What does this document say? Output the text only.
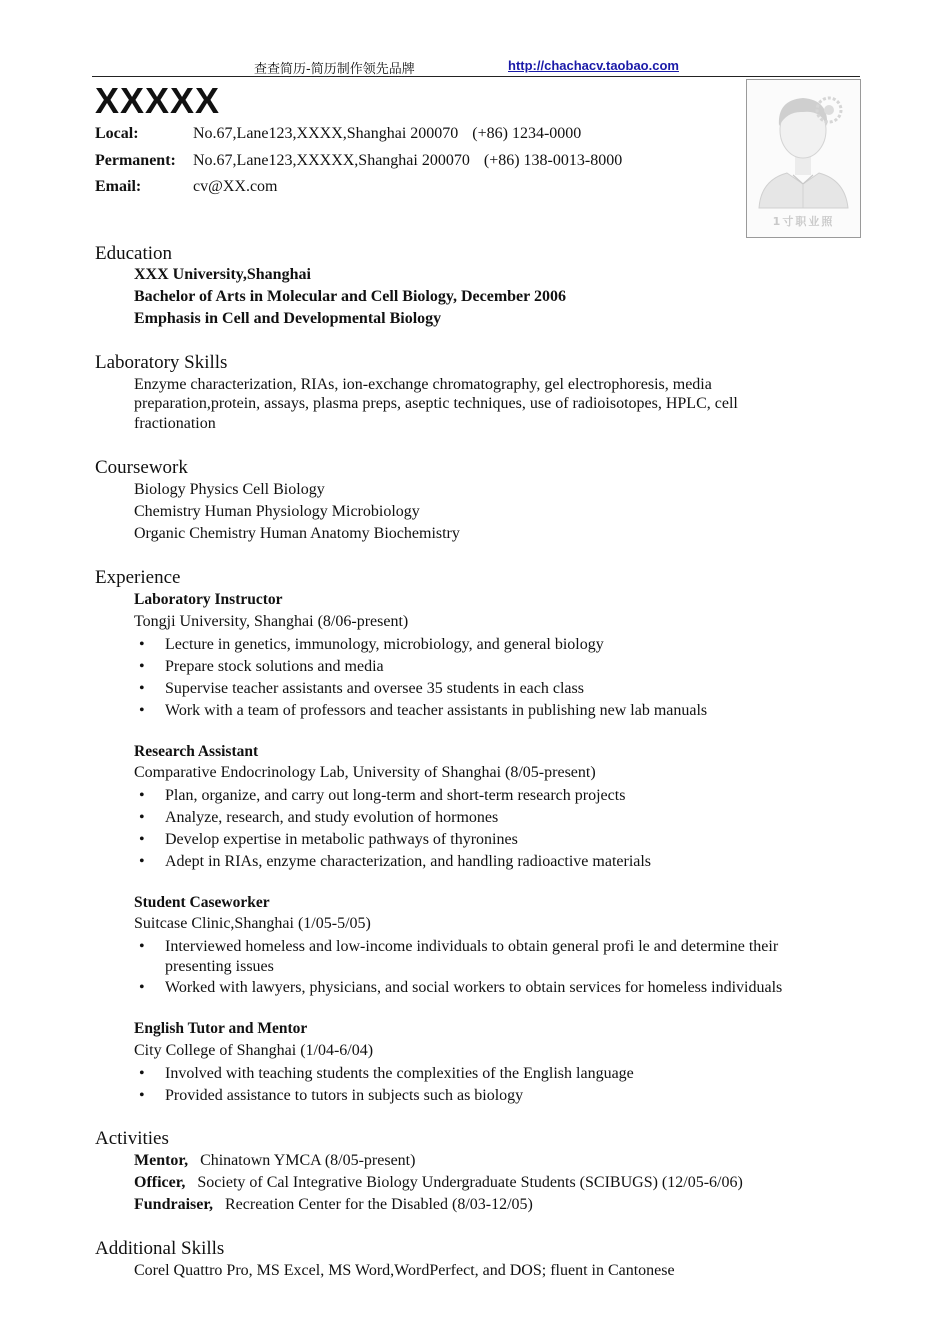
查查简历-简历制作领先品牌	http://chachacv.taobao.com
XXXXX
Local:	No.67,Lane123,XXXX,Shanghai 200070 (+86) 1234-0000
Permanent: No.67,Lane123,XXXXX,Shanghai 200070 (+86) 138-0013-8000
Email:	cv@XX.com
1寸职业照
Education
XXX University,Shanghai
Bachelor of Arts in Molecular and Cell Biology, December 2006
Emphasis in Cell and Developmental Biology
Laboratory Skills
Enzyme characterization, RIAs, ion-exchange chromatography, gel electrophoresis, media
preparation,protein, assays, plasma preps, aseptic techniques, use of radioisotopes, HPLC, cell
fractionation
Coursework
Biology Physics Cell Biology
Chemistry Human Physiology Microbiology
Organic Chemistry Human Anatomy Biochemistry
Experience
Laboratory Instructor
Tongji University, Shanghai (8/06-present)
• Lecture in genetics, immunology, microbiology, and general biology
• Prepare stock solutions and media
• Supervise teacher assistants and oversee 35 students in each class
• Work with a team of professors and teacher assistants in publishing new lab manuals
Research Assistant
Comparative Endocrinology Lab, University of Shanghai (8/05-present)
• Plan, organize, and carry out long-term and short-term research projects
• Analyze, research, and study evolution of hormones
• Develop expertise in metabolic pathways of thyronines
• Adept in RIAs, enzyme characterization, and handling radioactive materials
Student Caseworker
Suitcase Clinic,Shanghai (1/05-5/05)
• Interviewed homeless and low-income individuals to obtain general profi le and determine their presenting issues
• Worked with lawyers, physicians, and social workers to obtain services for homeless individuals
English Tutor and Mentor
City College of Shanghai (1/04-6/04)
• Involved with teaching students the complexities of the English language
• Provided assistance to tutors in subjects such as biology
Activities
Mentor, Chinatown YMCA (8/05-present)
Officer, Society of Cal Integrative Biology Undergraduate Students (SCIBUGS) (12/05-6/06)
Fundraiser, Recreation Center for the Disabled (8/03-12/05)
Additional Skills
Corel Quattro Pro, MS Excel, MS Word,WordPerfect, and DOS; fluent in Cantonese
